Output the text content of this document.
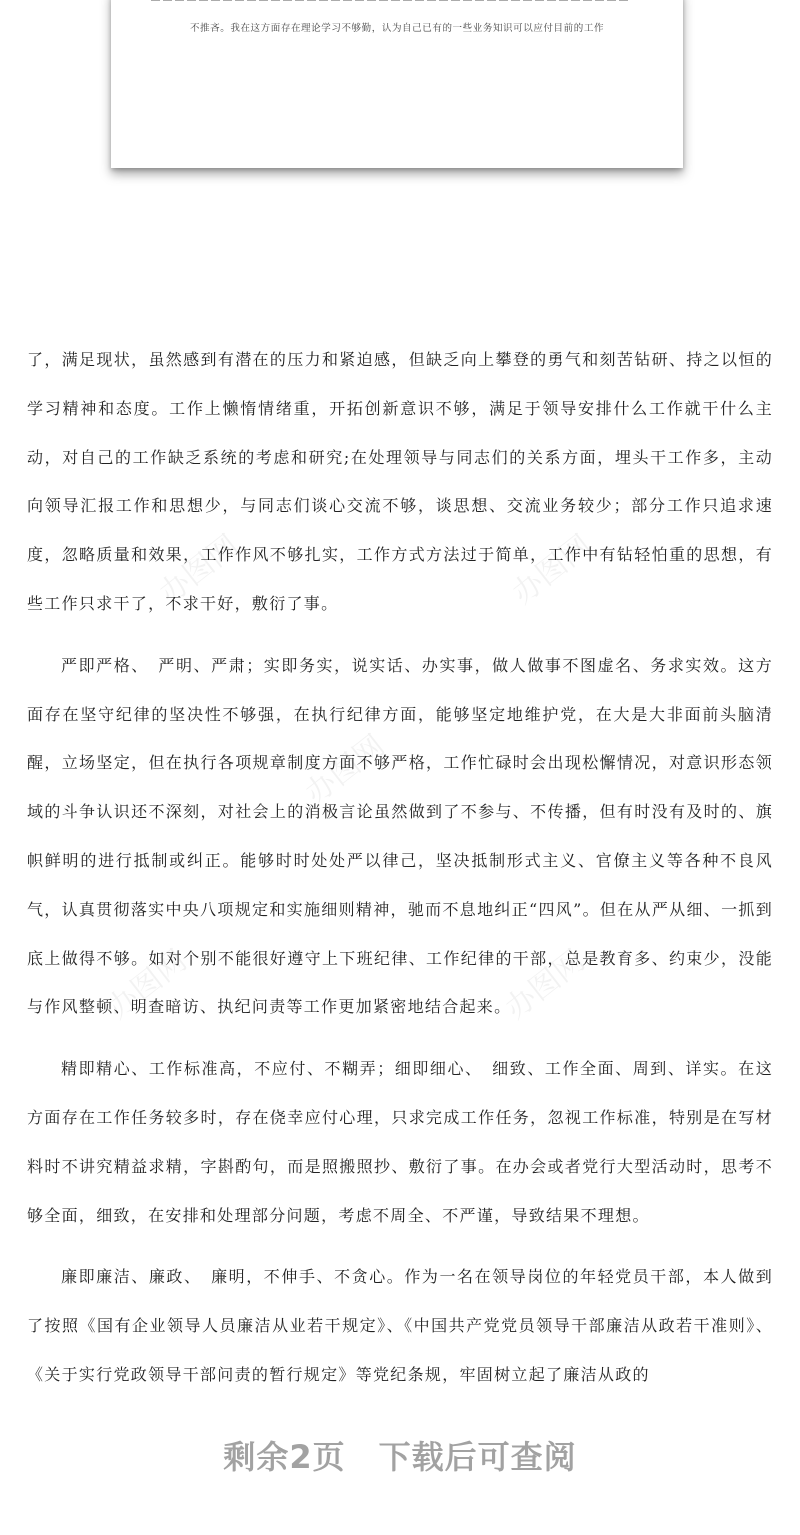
不推吝。我在这方面存在理论学习不够勤，认为自己已有的一些业务知识可以应付目前的工作
办图网	办图网
办图网
办图网	办图网

了，满足现状，虽然感到有潜在的压力和紧迫感，但缺乏向上攀登的勇气和刻苦钻研、持之以恒的学习精神和态度。工作上懒惰情绪重，开拓创新意识不够，满足于领导安排什么工作就干什么主动，对自己的工作缺乏系统的考虑和研究;在处理领导与同志们的关系方面，埋头干工作多，主动向领导汇报工作和思想少，与同志们谈心交流不够，谈思想、交流业务较少；部分工作只追求速度，忽略质量和效果，工作作风不够扎实，工作方式方法过于简单，工作中有钻轻怕重的思想，有些工作只求干了，不求干好，敷衍了事。

严即严格、　严明、严肃；实即务实，说实话、办实事，做人做事不图虚名、务求实效。这方面存在坚守纪律的坚决性不够强，在执行纪律方面，能够坚定地维护党，在大是大非面前头脑清醒，立场坚定，但在执行各项规章制度方面不够严格，工作忙碌时会出现松懈情况，对意识形态领域的斗争认识还不深刻，对社会上的消极言论虽然做到了不参与、不传播，但有时没有及时的、旗帜鲜明的进行抵制或纠正。能够时时处处严以律己，坚决抵制形式主义、官僚主义等各种不良风气，认真贯彻落实中央八项规定和实施细则精神，驰而不息地纠正“四风”。但在从严从细、一抓到底上做得不够。如对个别不能很好遵守上下班纪律、工作纪律的干部，总是教育多、约束少，没能与作风整顿、明查暗访、执纪问责等工作更加紧密地结合起来。

精即精心、工作标准高，不应付、不糊弄；细即细心、　细致、工作全面、周到、详实。在这方面存在工作任务较多时，存在侥幸应付心理，只求完成工作任务，忽视工作标准，特别是在写材料时不讲究精益求精，字斟酌句，而是照搬照抄、敷衍了事。在办会或者党行大型活动时，思考不够全面，细致，在安排和处理部分问题，考虑不周全、不严谨，导致结果不理想。

廉即廉洁、廉政、　廉明，不伸手、不贪心。作为一名在领导岗位的年轻党员干部，本人做到了按照《国有企业领导人员廉洁从业若干规定》、《中国共产党党员领导干部廉洁从政若干准则》、《关于实行党政领导干部问责的暂行规定》等党纪条规，牢固树立起了廉洁从政的

剩余2页　下载后可查阅
